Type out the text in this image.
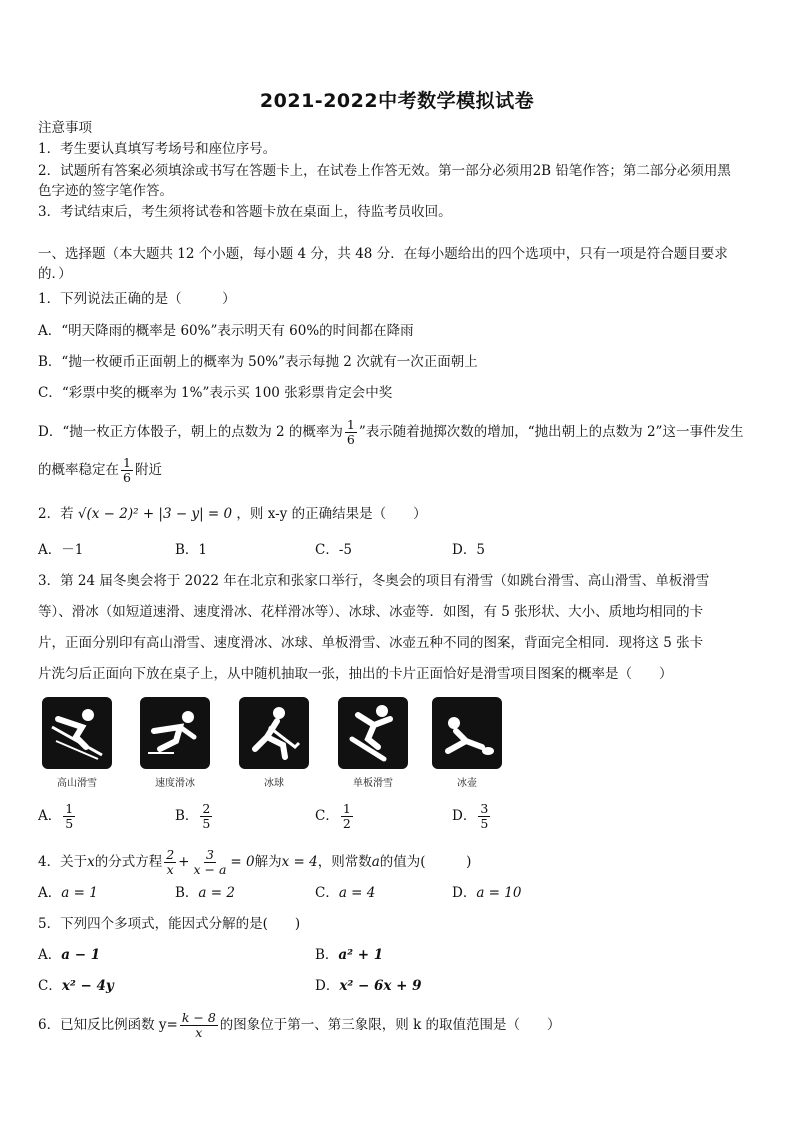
2021-2022中考数学模拟试卷
注意事项
1．考生要认真填写考场号和座位序号。
2．试题所有答案必须填涂或书写在答题卡上，在试卷上作答无效。第一部分必须用2B 铅笔作答；第二部分必须用黑
色字迹的签字笔作答。
3．考试结束后，考生须将试卷和答题卡放在桌面上，待监考员收回。
一、选择题（本大题共 12 个小题，每小题 4 分，共 48 分．在每小题给出的四个选项中，只有一项是符合题目要求
的．）
1．下列说法正确的是（　　　）
A．“明天降雨的概率是 60%”表示明天有 60%的时间都在降雨
B．“抛一枚硬币正面朝上的概率为 50%”表示每抛 2 次就有一次正面朝上
C．“彩票中奖的概率为 1%”表示买 100 张彩票肯定会中奖
D．“抛一枚正方体骰子，朝上的点数为 2 的概率为 $\frac{1}{6}$ ”表示随着抛掷次数的增加，“抛出朝上的点数为 2”这一事件发生
的概率稳定在 $\frac{1}{6}$ 附近
2．若 √(x − 2)² + |3 − y| = 0 ，则 x-y 的正确结果是（　　）
A．－1	B．1	C．-5	D．5
3．第 24 届冬奥会将于 2022 年在北京和张家口举行，冬奥会的项目有滑雪（如跳台滑雪、高山滑雪、单板滑雪
等）、滑冰（如短道速滑、速度滑冰、花样滑冰等）、冰球、冰壶等．如图，有 5 张形状、大小、质地均相同的卡
片，正面分别印有高山滑雪、速度滑冰、冰球、单板滑雪、冰壶五种不同的图案，背面完全相同．现将这 5 张卡
片洗匀后正面向下放在桌子上，从中随机抽取一张，抽出的卡片正面恰好是滑雪项目图案的概率是（　　）
高山滑雪	速度滑冰	冰球	单板滑雪	冰壶
A． $\frac{1}{5}$	B． $\frac{2}{5}$	C． $\frac{1}{2}$	D． $\frac{3}{5}$
4．关于x的分式方程 $\frac{2}{x} + \frac{3}{x - a} = 0$解为x = 4，则常数a的值为(　　　)
A．a = 1	B．a = 2	C．a = 4	D．a = 10
5．下列四个多项式，能因式分解的是(　　)
A．a − 1	B．a² + 1
C．x² − 4y	D．x² − 6x + 9
6．已知反比例函数 $y= \frac{k - 8}{x}$ 的图象位于第一、第三象限，则 k 的取值范围是（　　）
